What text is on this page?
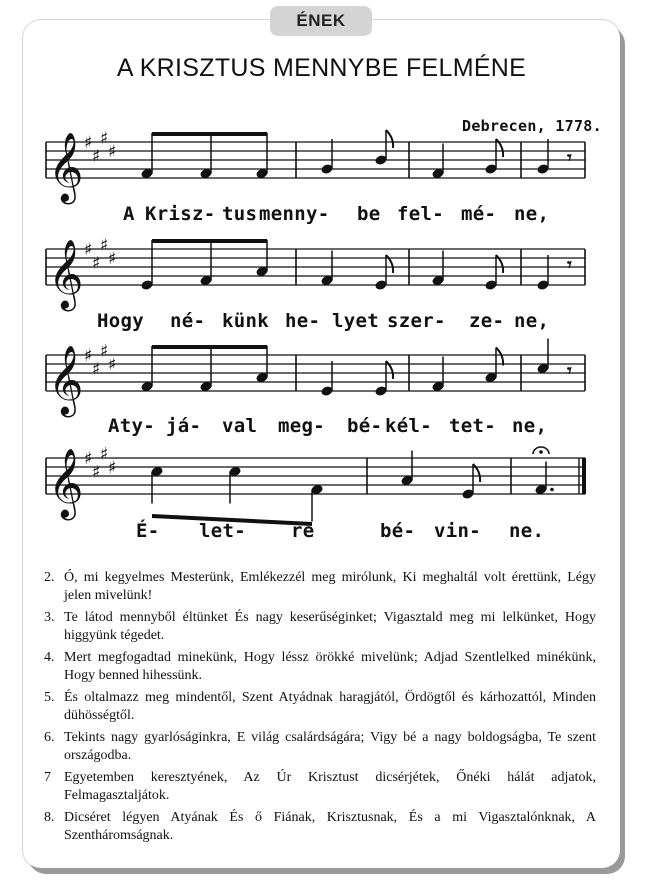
ÉNEK
A KRISZTUS MENNYBE FELMÉNE
Debrecen, 1778.
𝄞 ♯
♯
♯
♯	𝄾
𝄞 ♯
♯
♯
♯	𝄾
𝄞 ♯
♯
♯
♯	𝄾
𝄞 ♯
♯
♯
♯
A Krisz- tus menny- be fel- mé- ne,
Hogy né- künk he- lyet szer- ze- ne,
Aty- já- val meg- bé- kél- tet- ne,
É- let- re	bé- vin- ne.
2. Ó, mi kegyelmes Mesterünk, Emlékezzél meg mirólunk, Ki meghaltál volt érettünk, Légy jelen mivelünk!
3. Te látod mennyből éltünket És nagy keserűséginket; Vigasztald meg mi lelkünket, Hogy higgyünk tégedet.
4. Mert megfogadtad minekünk, Hogy léssz örökké mivelünk; Adjad Szentlelked minékünk, Hogy benned hihessünk.
5. És oltalmazz meg mindentől, Szent Atyádnak haragjától, Ördögtől és kárhozattól, Minden dühösségtől.
6. Tekints nagy gyarlóságinkra, E világ csalárdságára; Vigy bé a nagy boldogságba, Te szent országodba.
7 Egyetemben keresztyének, Az Úr Krisztust dicsérjétek, Őnéki hálát adjatok, Felmagasztaljátok.
8. Dicséret légyen Atyának És ő Fiának, Krisztusnak, És a mi Vigasztalónknak, A Szentháromságnak.
